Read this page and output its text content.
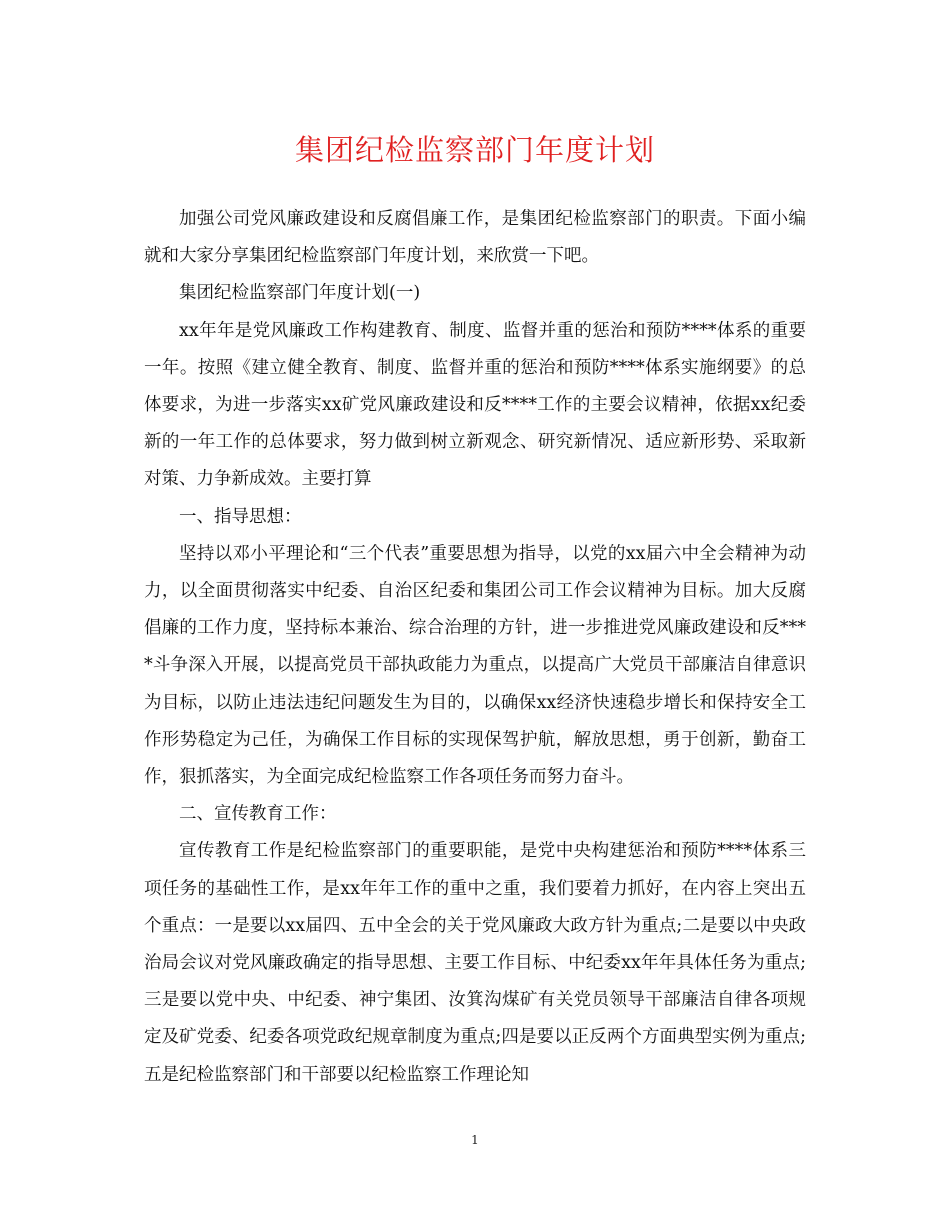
集团纪检监察部门年度计划

加强公司党风廉政建设和反腐倡廉工作，是集团纪检监察部门的职责。下面小编就和大家分享集团纪检监察部门年度计划，来欣赏一下吧。

集团纪检监察部门年度计划(一)

xx年年是党风廉政工作构建教育、制度、监督并重的惩治和预防****体系的重要一年。按照《建立健全教育、制度、监督并重的惩治和预防****体系实施纲要》的总体要求，为进一步落实xx矿党风廉政建设和反****工作的主要会议精神，依据xx纪委新的一年工作的总体要求，努力做到树立新观念、研究新情况、适应新形势、采取新对策、力争新成效。主要打算

一、指导思想：

坚持以邓小平理论和“三个代表”重要思想为指导，以党的xx届六中全会精神为动力，以全面贯彻落实中纪委、自治区纪委和集团公司工作会议精神为目标。加大反腐倡廉的工作力度，坚持标本兼治、综合治理的方针，进一步推进党风廉政建设和反****斗争深入开展，以提高党员干部执政能力为重点，以提高广大党员干部廉洁自律意识为目标，以防止违法违纪问题发生为目的，以确保xx经济快速稳步增长和保持安全工作形势稳定为己任，为确保工作目标的实现保驾护航，解放思想，勇于创新，勤奋工作，狠抓落实，为全面完成纪检监察工作各项任务而努力奋斗。

二、宣传教育工作：

宣传教育工作是纪检监察部门的重要职能，是党中央构建惩治和预防****体系三项任务的基础性工作，是xx年年工作的重中之重，我们要着力抓好，在内容上突出五个重点：一是要以xx届四、五中全会的关于党风廉政大政方针为重点;二是要以中央政治局会议对党风廉政确定的指导思想、主要工作目标、中纪委xx年年具体任务为重点;三是要以党中央、中纪委、神宁集团、汝箕沟煤矿有关党员领导干部廉洁自律各项规定及矿党委、纪委各项党政纪规章制度为重点;四是要以正反两个方面典型实例为重点;五是纪检监察部门和干部要以纪检监察工作理论知

1
